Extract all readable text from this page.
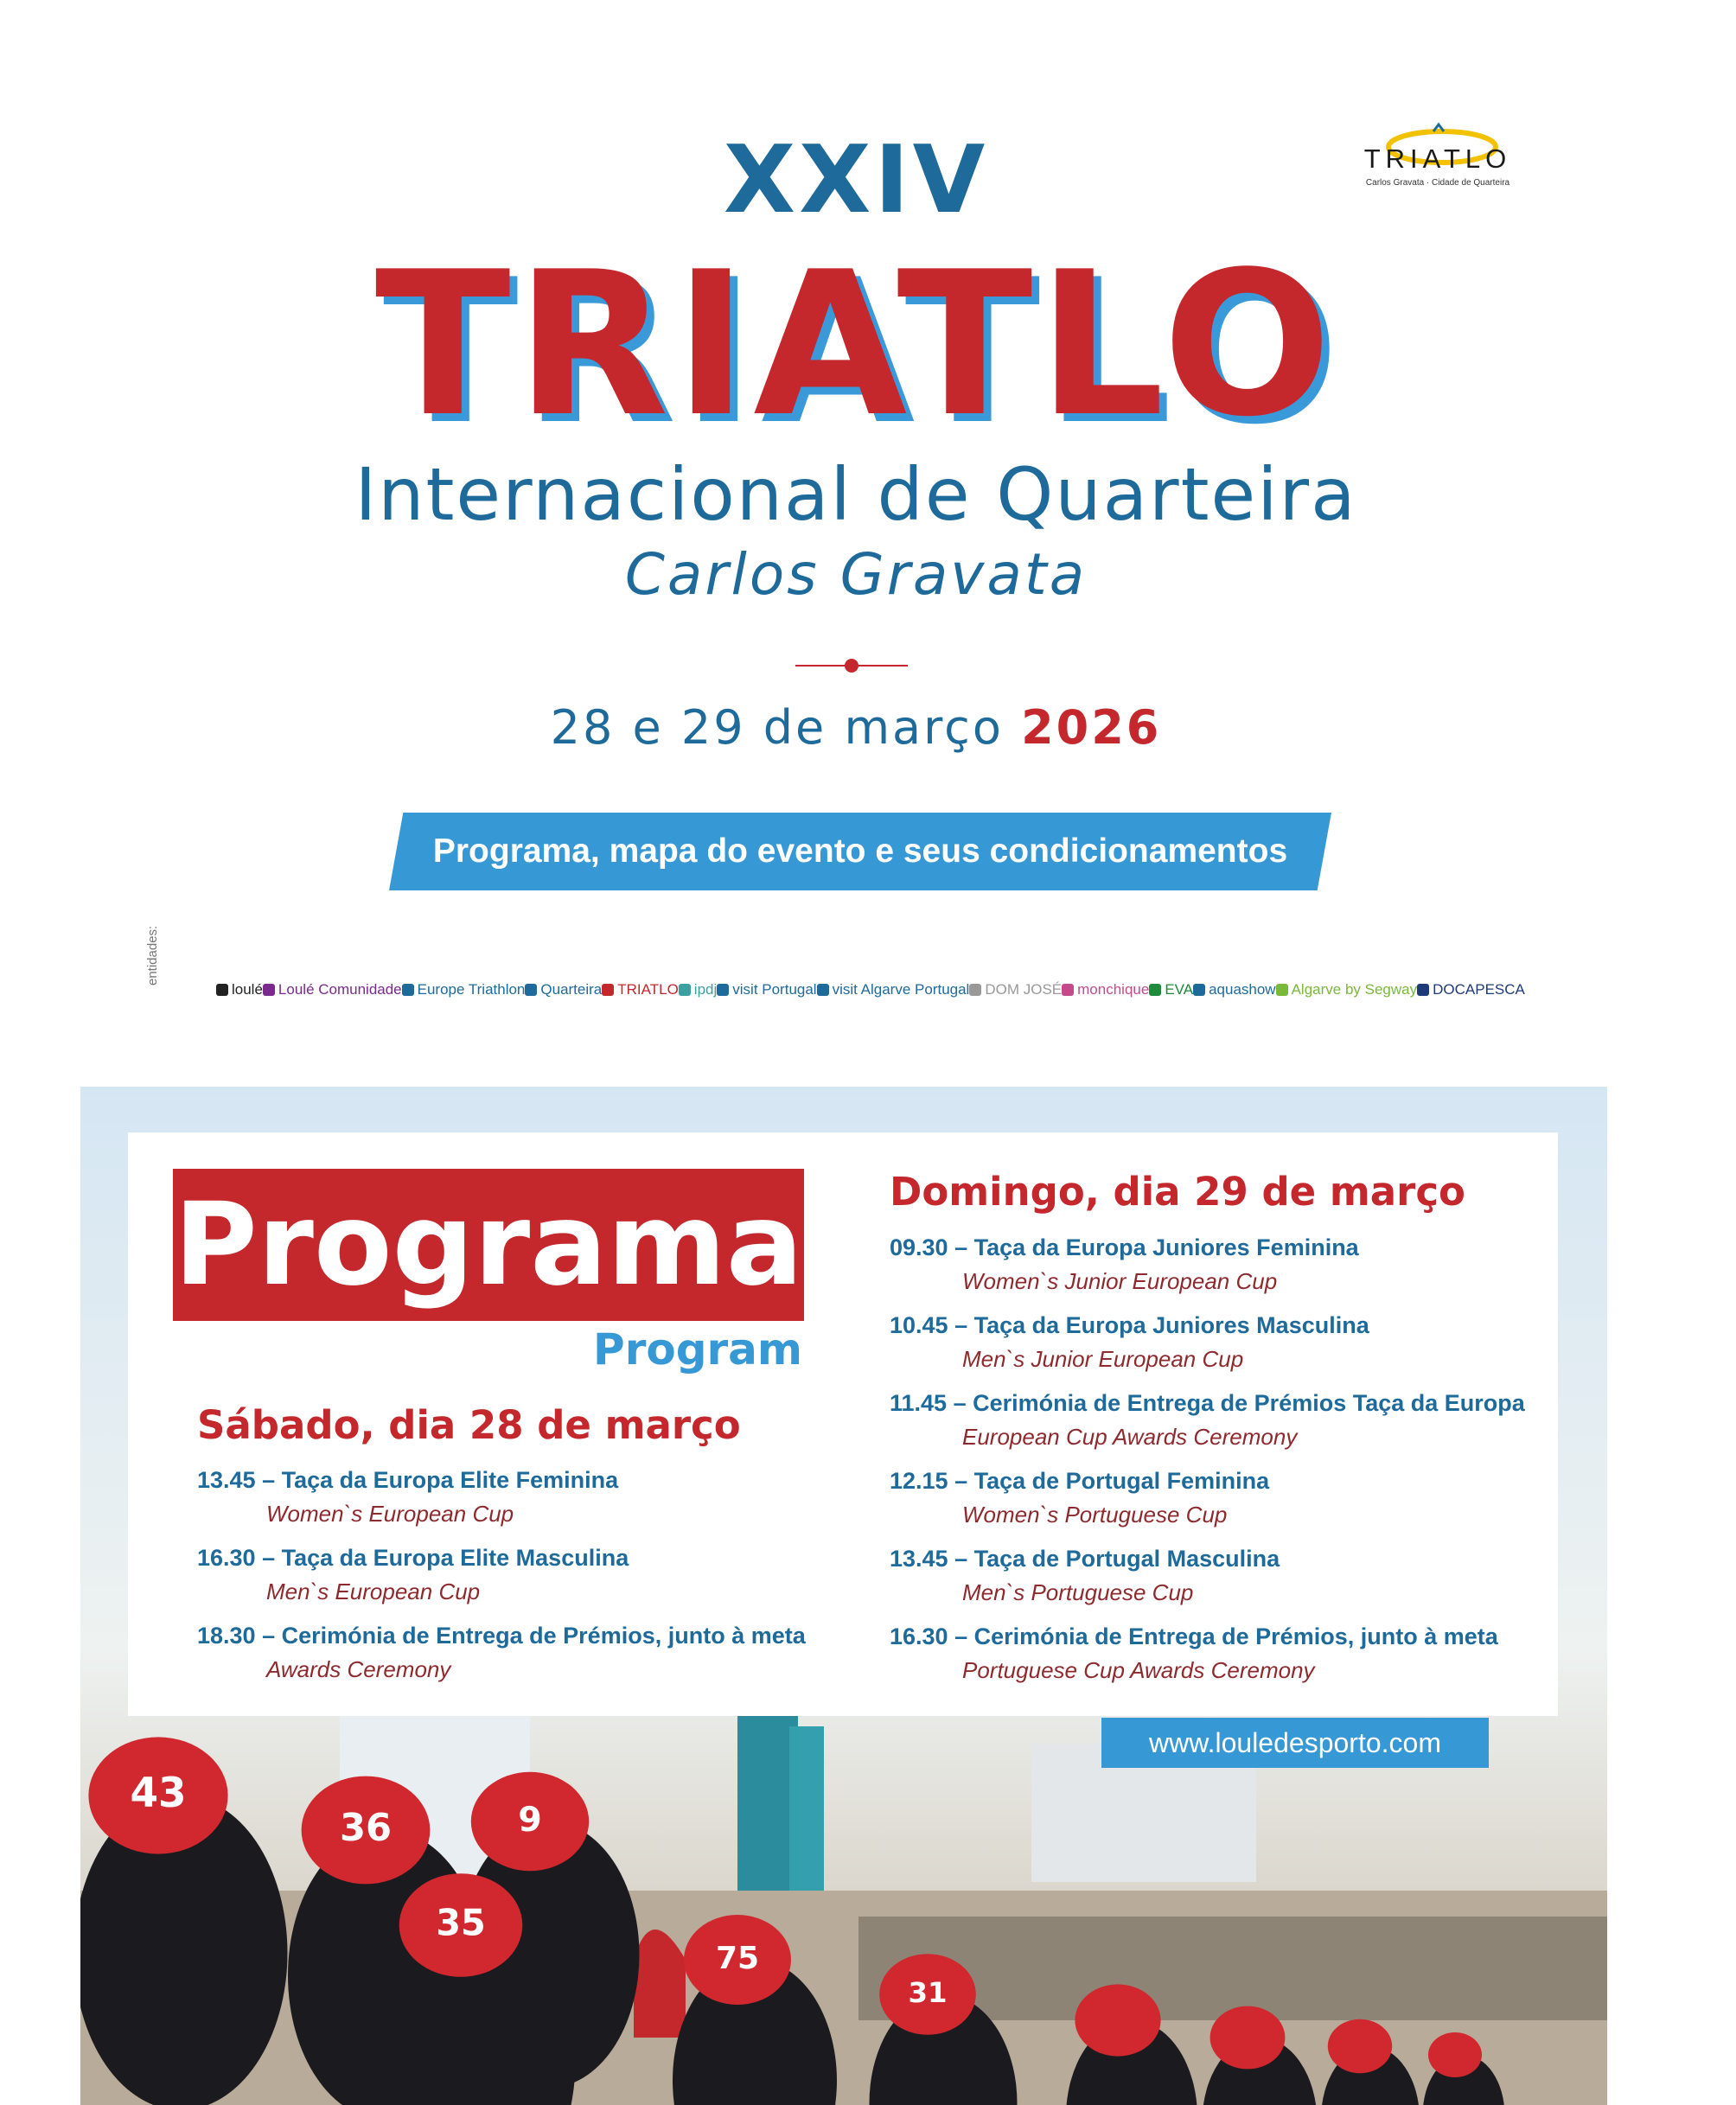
XXIV
TRIATLO
Internacional de Quarteira
Carlos Gravata
28 e 29 de março 2026
Programa, mapa do evento e seus condicionamentos
TRIATLO
Carlos Gravata · Cidade de Quarteira
entidades:
loulé Loulé Comunidade Europe Triathlon Quarteira TRIATLO ipdj visit Portugal visit Algarve Portugal DOM JOSÉ monchique EVA aquashow Algarve by Segway DOCAPESCA
43
36	9
35
75
31
Programa
Program
Sábado, dia 28 de março
13.45 – Taça da Europa Elite Feminina
Women`s European Cup
16.30 – Taça da Europa Elite Masculina
Men`s European Cup
18.30 – Cerimónia de Entrega de Prémios, junto à meta
Awards Ceremony
Domingo, dia 29 de março
09.30 – Taça da Europa Juniores Feminina
Women`s Junior European Cup
10.45 – Taça da Europa Juniores Masculina
Men`s Junior European Cup
11.45 – Cerimónia de Entrega de Prémios Taça da Europa
European Cup Awards Ceremony
12.15 – Taça de Portugal Feminina
Women`s Portuguese Cup
13.45 – Taça de Portugal Masculina
Men`s Portuguese Cup
16.30 – Cerimónia de Entrega de Prémios, junto à meta
Portuguese Cup Awards Ceremony
www.louledesporto.com
